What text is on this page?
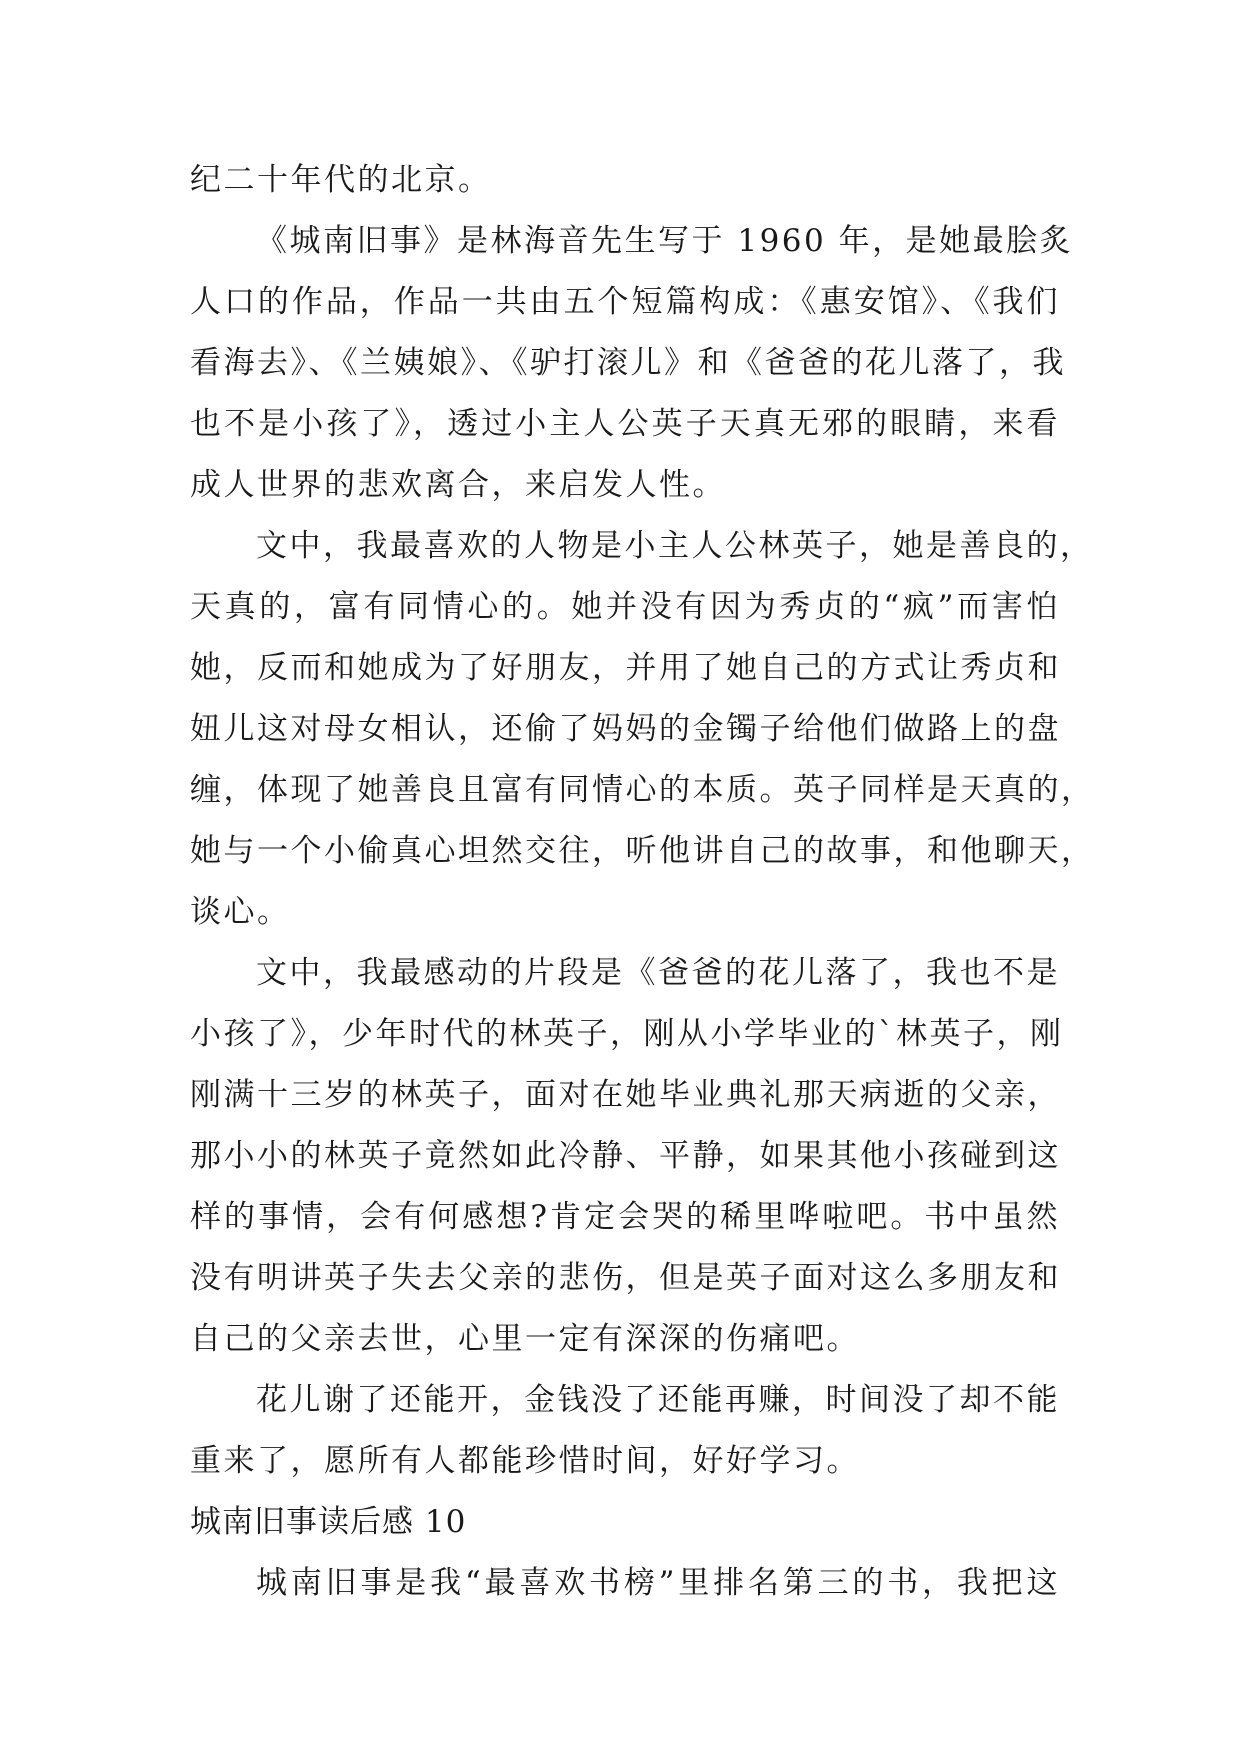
纪二十年代的北京。
《城南旧事》是林海音先生写于 1960 年，是她最脍炙
人口的作品，作品一共由五个短篇构成：《惠安馆》、《我们
看海去》、《兰姨娘》、《驴打滚儿》和《爸爸的花儿落了，我
也不是小孩了》，透过小主人公英子天真无邪的眼睛，来看
成人世界的悲欢离合，来启发人性。
文中，我最喜欢的人物是小主人公林英子，她是善良的，
天真的，富有同情心的。她并没有因为秀贞的“疯”而害怕
她，反而和她成为了好朋友，并用了她自己的方式让秀贞和
妞儿这对母女相认，还偷了妈妈的金镯子给他们做路上的盘
缠，体现了她善良且富有同情心的本质。英子同样是天真的，
她与一个小偷真心坦然交往，听他讲自己的故事，和他聊天，
谈心。
文中，我最感动的片段是《爸爸的花儿落了，我也不是
小孩了》，少年时代的林英子，刚从小学毕业的`林英子，刚
刚满十三岁的林英子，面对在她毕业典礼那天病逝的父亲，
那小小的林英子竟然如此冷静、平静，如果其他小孩碰到这
样的事情，会有何感想?肯定会哭的稀里哗啦吧。书中虽然
没有明讲英子失去父亲的悲伤，但是英子面对这么多朋友和
自己的父亲去世，心里一定有深深的伤痛吧。
花儿谢了还能开，金钱没了还能再赚，时间没了却不能
重来了，愿所有人都能珍惜时间，好好学习。
城南旧事读后感 10
城南旧事是我“最喜欢书榜”里排名第三的书，我把这
